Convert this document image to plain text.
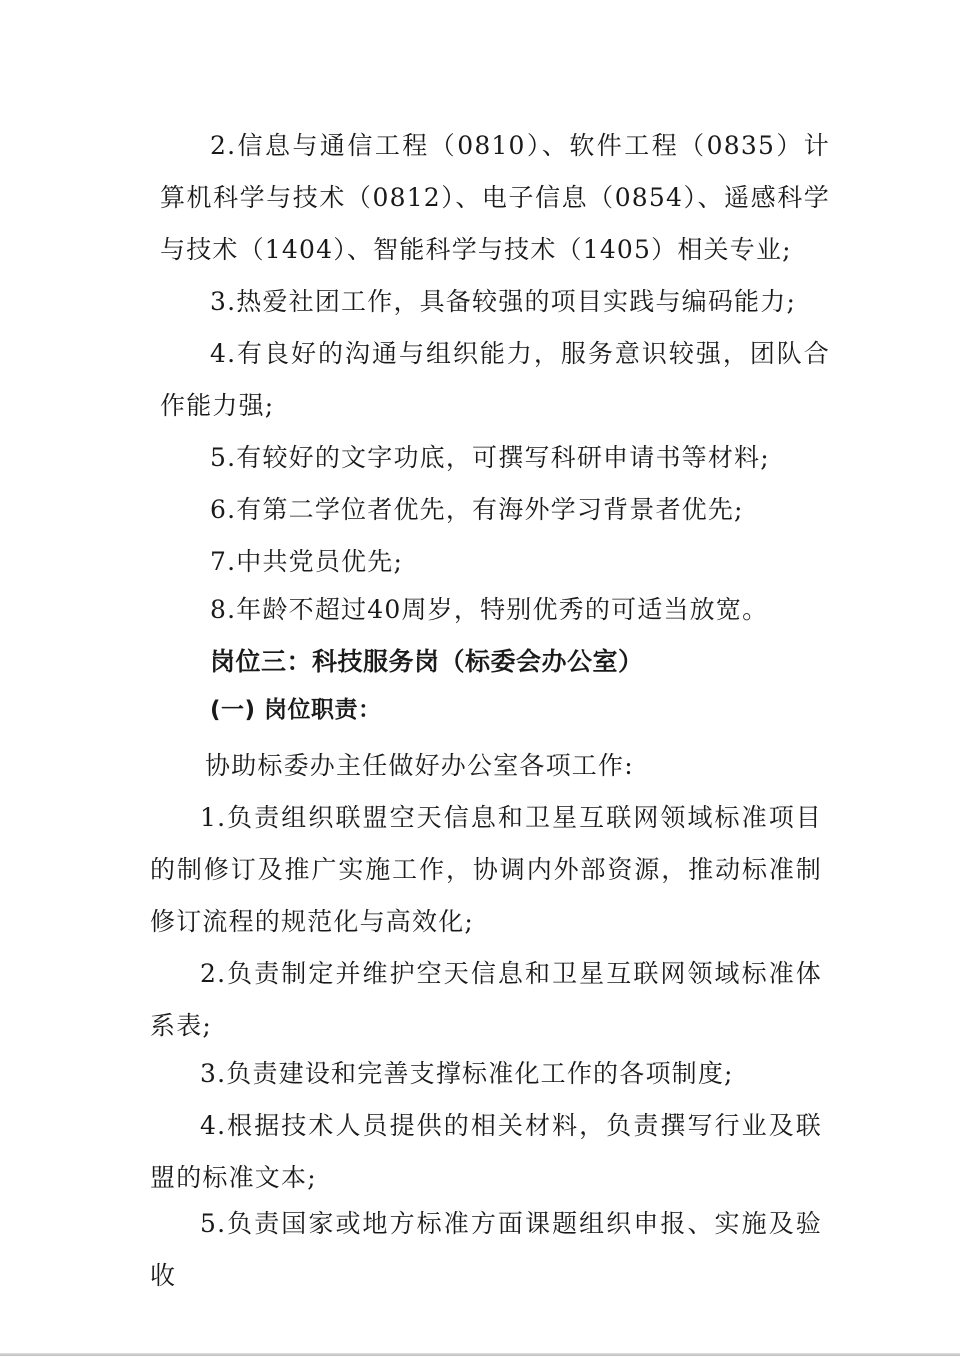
2.信息与通信工程（0810）、软件工程（0835）计算机科学与技术（0812）、电子信息（0854）、遥感科学与技术（1404）、智能科学与技术（1405）相关专业;

3.热爱社团工作，具备较强的项目实践与编码能力;

4.有良好的沟通与组织能力，服务意识较强，团队合作能力强;

5.有较好的文字功底，可撰写科研申请书等材料;

6.有第二学位者优先，有海外学习背景者优先;

7.中共党员优先;

8.年龄不超过40周岁，特别优秀的可适当放宽。

岗位三：科技服务岗（标委会办公室）

(一) 岗位职责：

协助标委办主任做好办公室各项工作:

1.负责组织联盟空天信息和卫星互联网领域标准项目的制修订及推广实施工作，协调内外部资源，推动标准制修订流程的规范化与高效化;

2.负责制定并维护空天信息和卫星互联网领域标准体系表;

3.负责建设和完善支撑标准化工作的各项制度;

4.根据技术人员提供的相关材料，负责撰写行业及联盟的标准文本;

5.负责国家或地方标准方面课题组织申报、实施及验收
